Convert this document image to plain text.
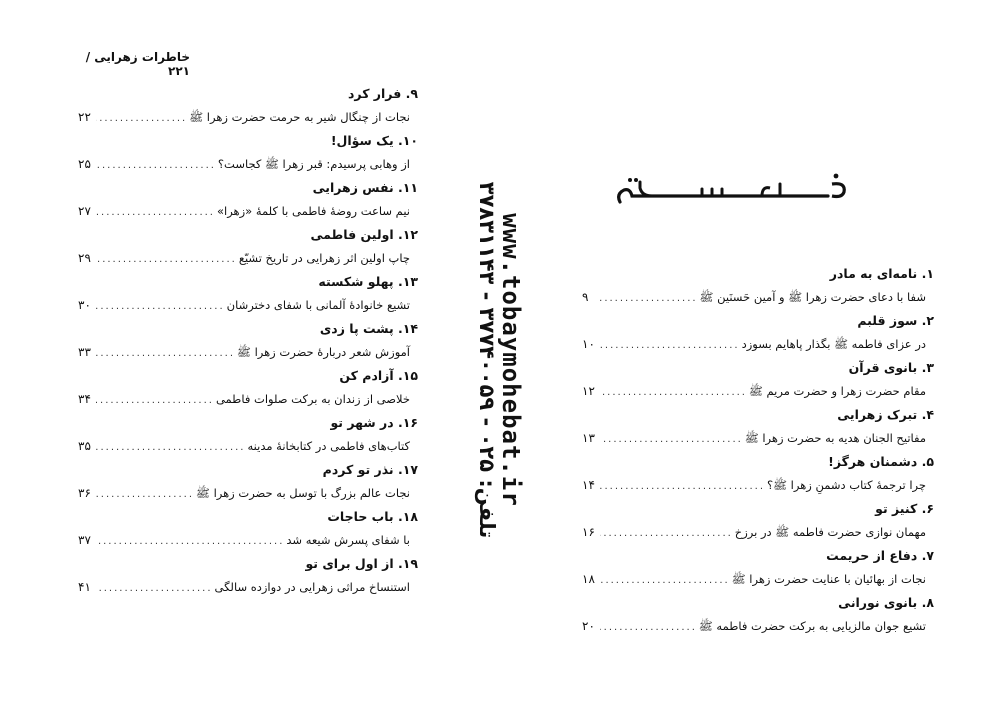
خاطرات زهرایی / ۲۲۱
۹. فرار کرد
نجات از چنگال شیر به حرمت حضرت زهرا ﷺ
.....
۲۲
۱۰. یک سؤال!
از وهابی پرسیدم: قبر زهرا ﷺ کجاست؟
.....
۲۵
۱۱. نفس زهرایی
نیم ساعت روضهٔ فاطمی با کلمهٔ «زهرا»
.....
۲۷
۱۲. اولین فاطمی
چاپ اولین اثر زهرایی در تاریخ تشیّع
.....
۲۹
۱۳. پهلو شکسته
تشیع خانوادهٔ آلمانی با شفای دخترشان
.....
۳۰
۱۴. پشت پا زدی
آموزش شعر دربارهٔ حضرت زهرا ﷺ
.....
۳۳
۱۵. آزادم کن
خلاصی از زندان به برکت صلوات فاطمی
.....
۳۴
۱۶. در شهر تو
کتاب‌های فاطمی در کتابخانهٔ مدینه
.....
۳۵
۱۷. نذر تو کردم
نجات عالم بزرگ با توسل به حضرت زهرا ﷺ
.....
۳۶
۱۸. باب حاجات
با شفای پسرش شیعه شد
.....
۳۷
۱۹. از اول برای تو
استنساخ مراثی زهرایی در دوازده سالگی
.....
۴۱
www.tobaymohebat.ir
تلفن: ۰۲۵ - ۳۷۷۴۰۰۵۹ - ۳۷۸۳۱۱۴۳
۱. نامه‌ای به مادر
شفا با دعای حضرت زهرا ﷺ و آمین حَسنَین ﷺ
.....
۹
۲. سوز قلبم
در عزای فاطمه ﷺ بگذار پاهایم بسوزد
.....
۱۰
۳. بانوی قرآن
مقام حضرت زهرا و حضرت مریم ﷺ
.....
۱۲
۴. تبرک زهرایی
مفاتیح الجنان هدیه به حضرت زهرا ﷺ
.....
۱۳
۵. دشمنان هرگز!
چرا ترجمهٔ کتاب دشمنِ زهرا ﷺ؟
.....
۱۴
۶. کنیز تو
مهمان نوازی حضرت فاطمه ﷺ در برزخ
.....
۱۶
۷. دفاع از حریمت
نجات از بهائیان با عنایت حضرت زهرا ﷺ
.....
۱۸
۸. بانوی نورانی
تشیع جوان مالزیایی به برکت حضرت فاطمه ﷺ
.....
۲۰
